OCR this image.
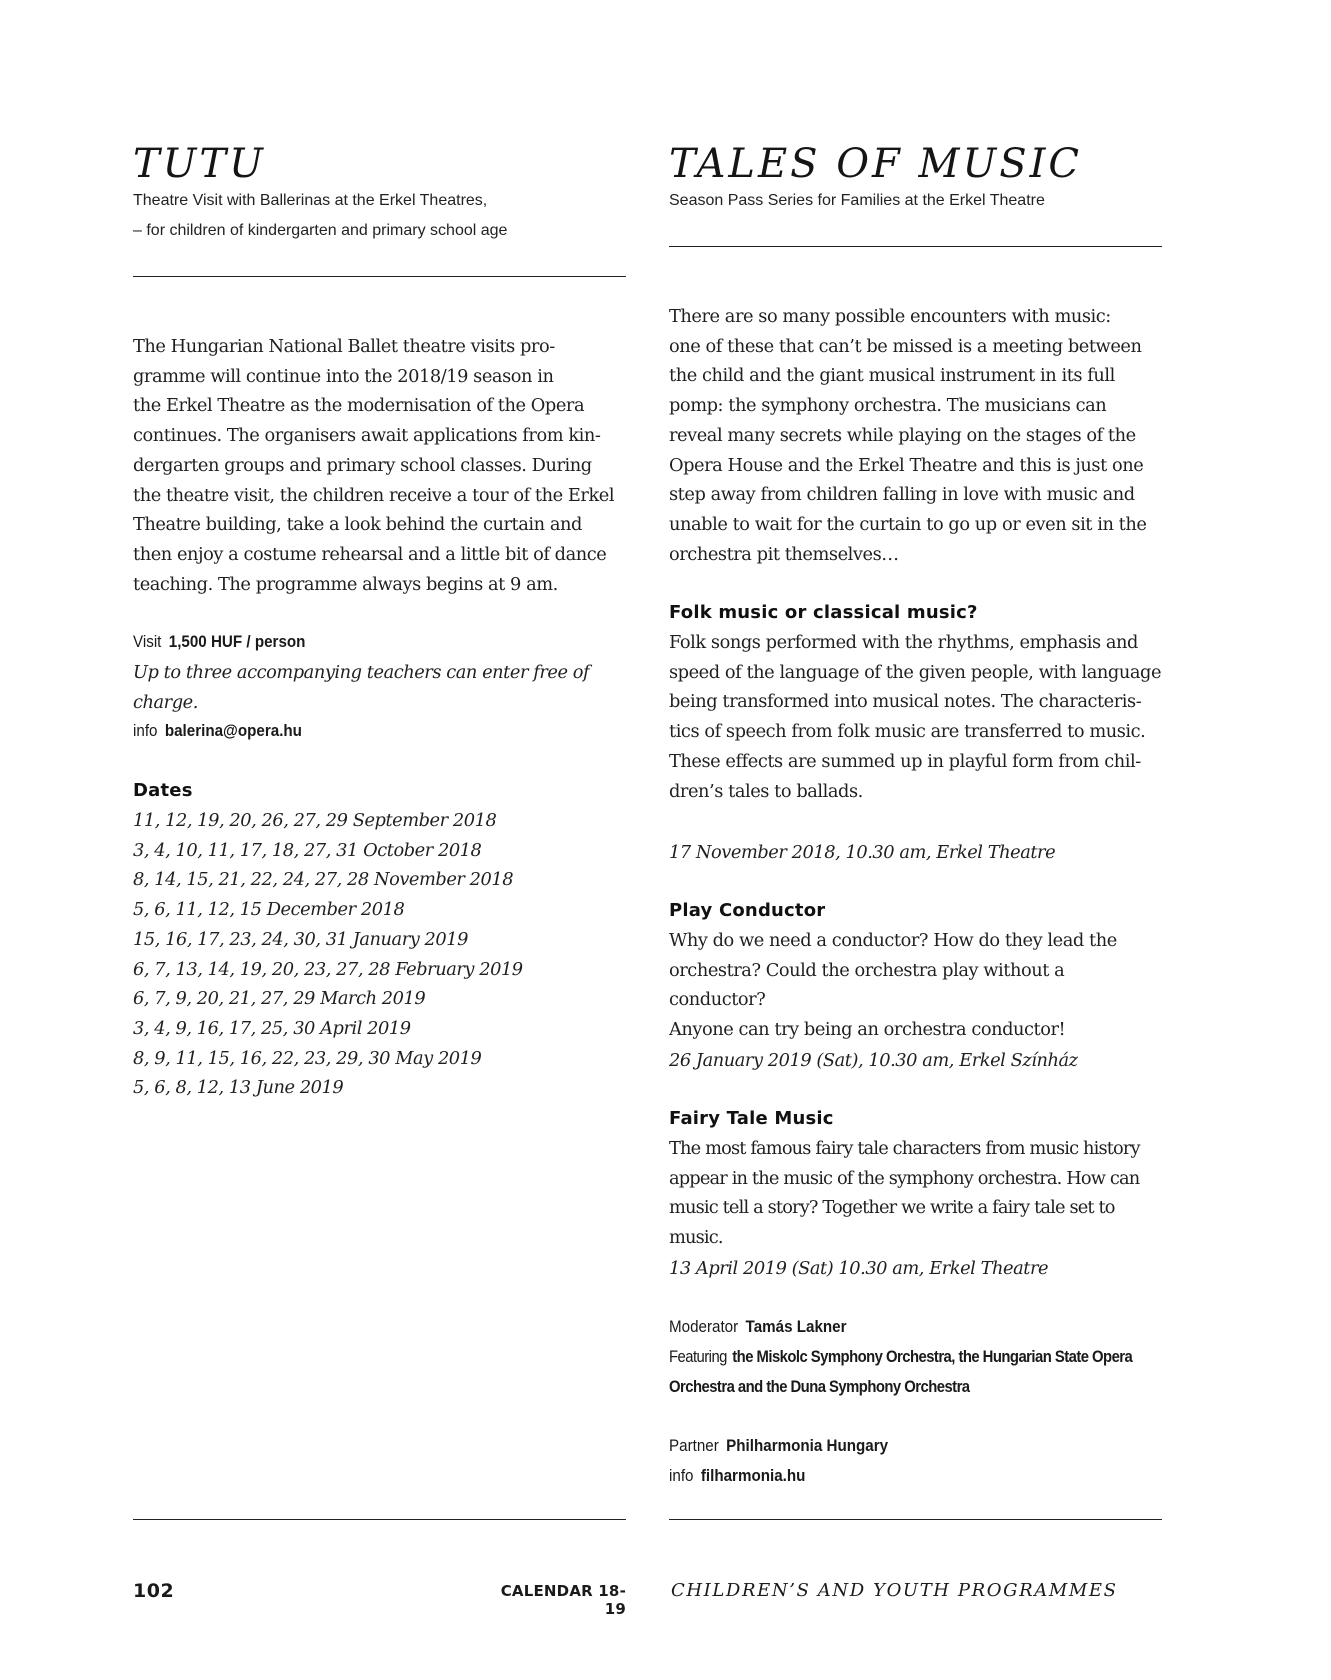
TUTU
Theatre Visit with Ballerinas at the Erkel Theatres,
– for children of kindergarten and primary school age
The Hungarian National Ballet theatre visits pro-
gramme will continue into the 2018/19 season in
the Erkel Theatre as the modernisation of the Opera
continues. The organisers await applications from kin-
dergarten groups and primary school classes. During
the theatre visit, the children receive a tour of the Erkel
Theatre building, take a look behind the curtain and
then enjoy a costume rehearsal and a little bit of dance
teaching. The programme always begins at 9 am.
Visit 1,500 HUF / person
Up to three accompanying teachers can enter free of charge.
info balerina@opera.hu
Dates
11, 12, 19, 20, 26, 27, 29 September 2018
3, 4, 10, 11, 17, 18, 27, 31 October 2018
8, 14, 15, 21, 22, 24, 27, 28 November 2018
5, 6, 11, 12, 15 December 2018
15, 16, 17, 23, 24, 30, 31 January 2019
6, 7, 13, 14, 19, 20, 23, 27, 28 February 2019
6, 7, 9, 20, 21, 27, 29 March 2019
3, 4, 9, 16, 17, 25, 30 April 2019
8, 9, 11, 15, 16, 22, 23, 29, 30 May 2019
5, 6, 8, 12, 13 June 2019
TALES OF MUSIC
Season Pass Series for Families at the Erkel Theatre
There are so many possible encounters with music:
one of these that can’t be missed is a meeting between
the child and the giant musical instrument in its full
pomp: the symphony orchestra. The musicians can
reveal many secrets while playing on the stages of the
Opera House and the Erkel Theatre and this is just one
step away from children falling in love with music and
unable to wait for the curtain to go up or even sit in the
orchestra pit themselves…
Folk music or classical music?
Folk songs performed with the rhythms, emphasis and
speed of the language of the given people, with language
being transformed into musical notes. The characteris-
tics of speech from folk music are transferred to music.
These effects are summed up in playful form from chil-
dren’s tales to ballads.
17 November 2018, 10.30 am, Erkel Theatre
Play Conductor
Why do we need a conductor? How do they lead the
orchestra? Could the orchestra play without a conductor?
Anyone can try being an orchestra conductor!
26 January 2019 (Sat), 10.30 am, Erkel Színház
Fairy Tale Music
The most famous fairy tale characters from music history
appear in the music of the symphony orchestra. How can
music tell a story? Together we write a fairy tale set to music.
13 April 2019 (Sat) 10.30 am, Erkel Theatre
Moderator Tamás Lakner
Featuring the Miskolc Symphony Orchestra, the Hungarian State Opera Orchestra and the Duna Symphony Orchestra
Partner Philharmonia Hungary
info filharmonia.hu
102	CALENDAR 18-19
CHILDREN’S AND YOUTH PROGRAMMES
